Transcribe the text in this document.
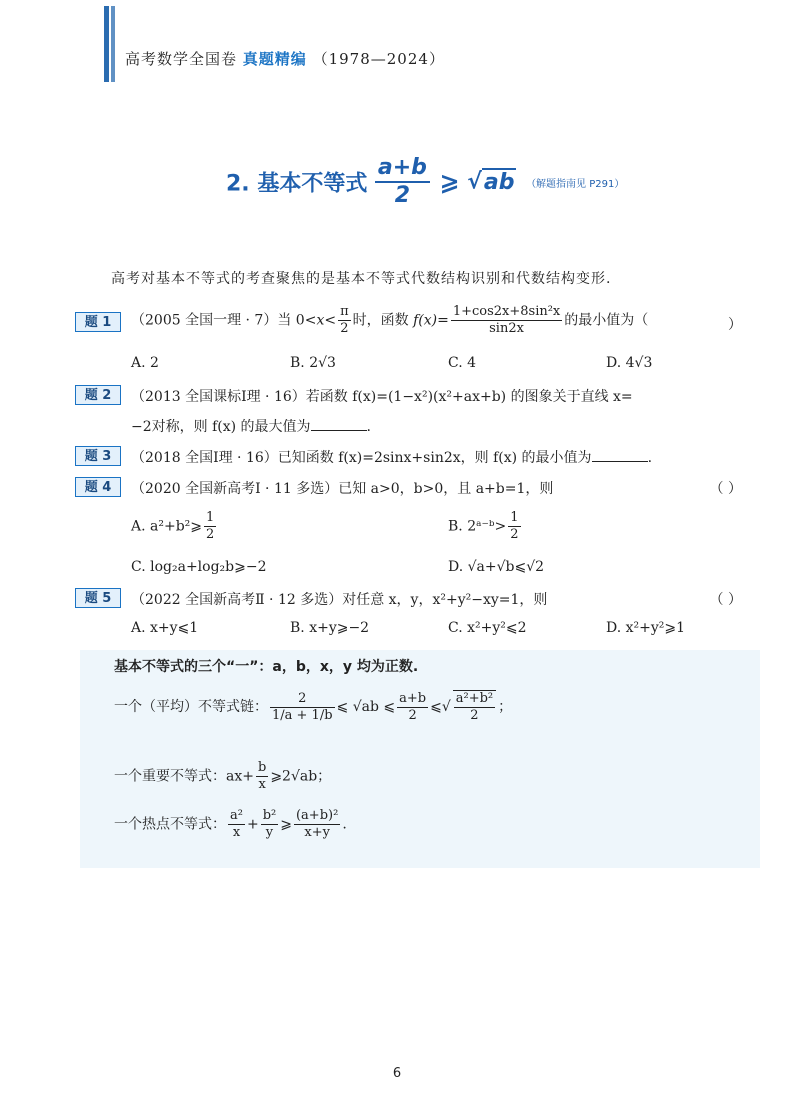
高考数学全国卷 真题精编 （1978—2024）
2. 基本不等式 $\frac{a+b}{2}$ ⩾ √ab （解题指南见 P291）
高考对基本不等式的考查聚焦的是基本不等式代数结构识别和代数结构变形.
题 1	（2005 全国一理 · 7）当 $0<x< \frac{\pi}{2}$ 时，函数 $f(x)= \frac{\text{1+cos2x+8sin²x}}{\sin 2x}$ 的最小值为（	）
A. 2	B. 2√3	C. 4	D. 4√3
题 2	（2013 全国课标Ⅰ理 · 16）若函数 f(x)=(1−x²)(x²+ax+b) 的图象关于直线 x=
−2对称，则 f(x) 的最大值为	.
题 3	（2018 全国Ⅰ理 · 16）已知函数 f(x)=2sinx+sin2x，则 f(x) 的最小值为	.
题 4	（2020 全国新高考Ⅰ · 11 多选）已知 a>0，b>0，且 a+b=1，则	（ ）
A. a²+b²⩾ $\frac{1}{2}$	B. 2ᵃ⁻ᵇ> $\frac{1}{2}$
C. log₂a+log₂b⩾−2	D. √a+√b⩽√2
题 5	（2022 全国新高考Ⅱ · 12 多选）对任意 x，y，x²+y²−xy=1，则	（ ）
A. x+y⩽1	B. x+y⩾−2	C. x²+y²⩽2	D. x²+y²⩾1
基本不等式的三个“一”：a，b，x，y 均为正数.
一个（平均）不等式链： $\frac{2}{1/a + 1/b}$ ⩽ √ab ⩽ $\frac{a+b}{2}$ ⩽√ $\frac{\text{a²+b²}}{2}$ ；
一个重要不等式：$ax+ \frac{b}{x}$ ⩾2√ab；
一个热点不等式： $\frac{\text{a²}}{x} + \frac{\text{b²}}{y}$ ⩾ $\frac{\text{(a+b)²}}{x+y}$ .
6
